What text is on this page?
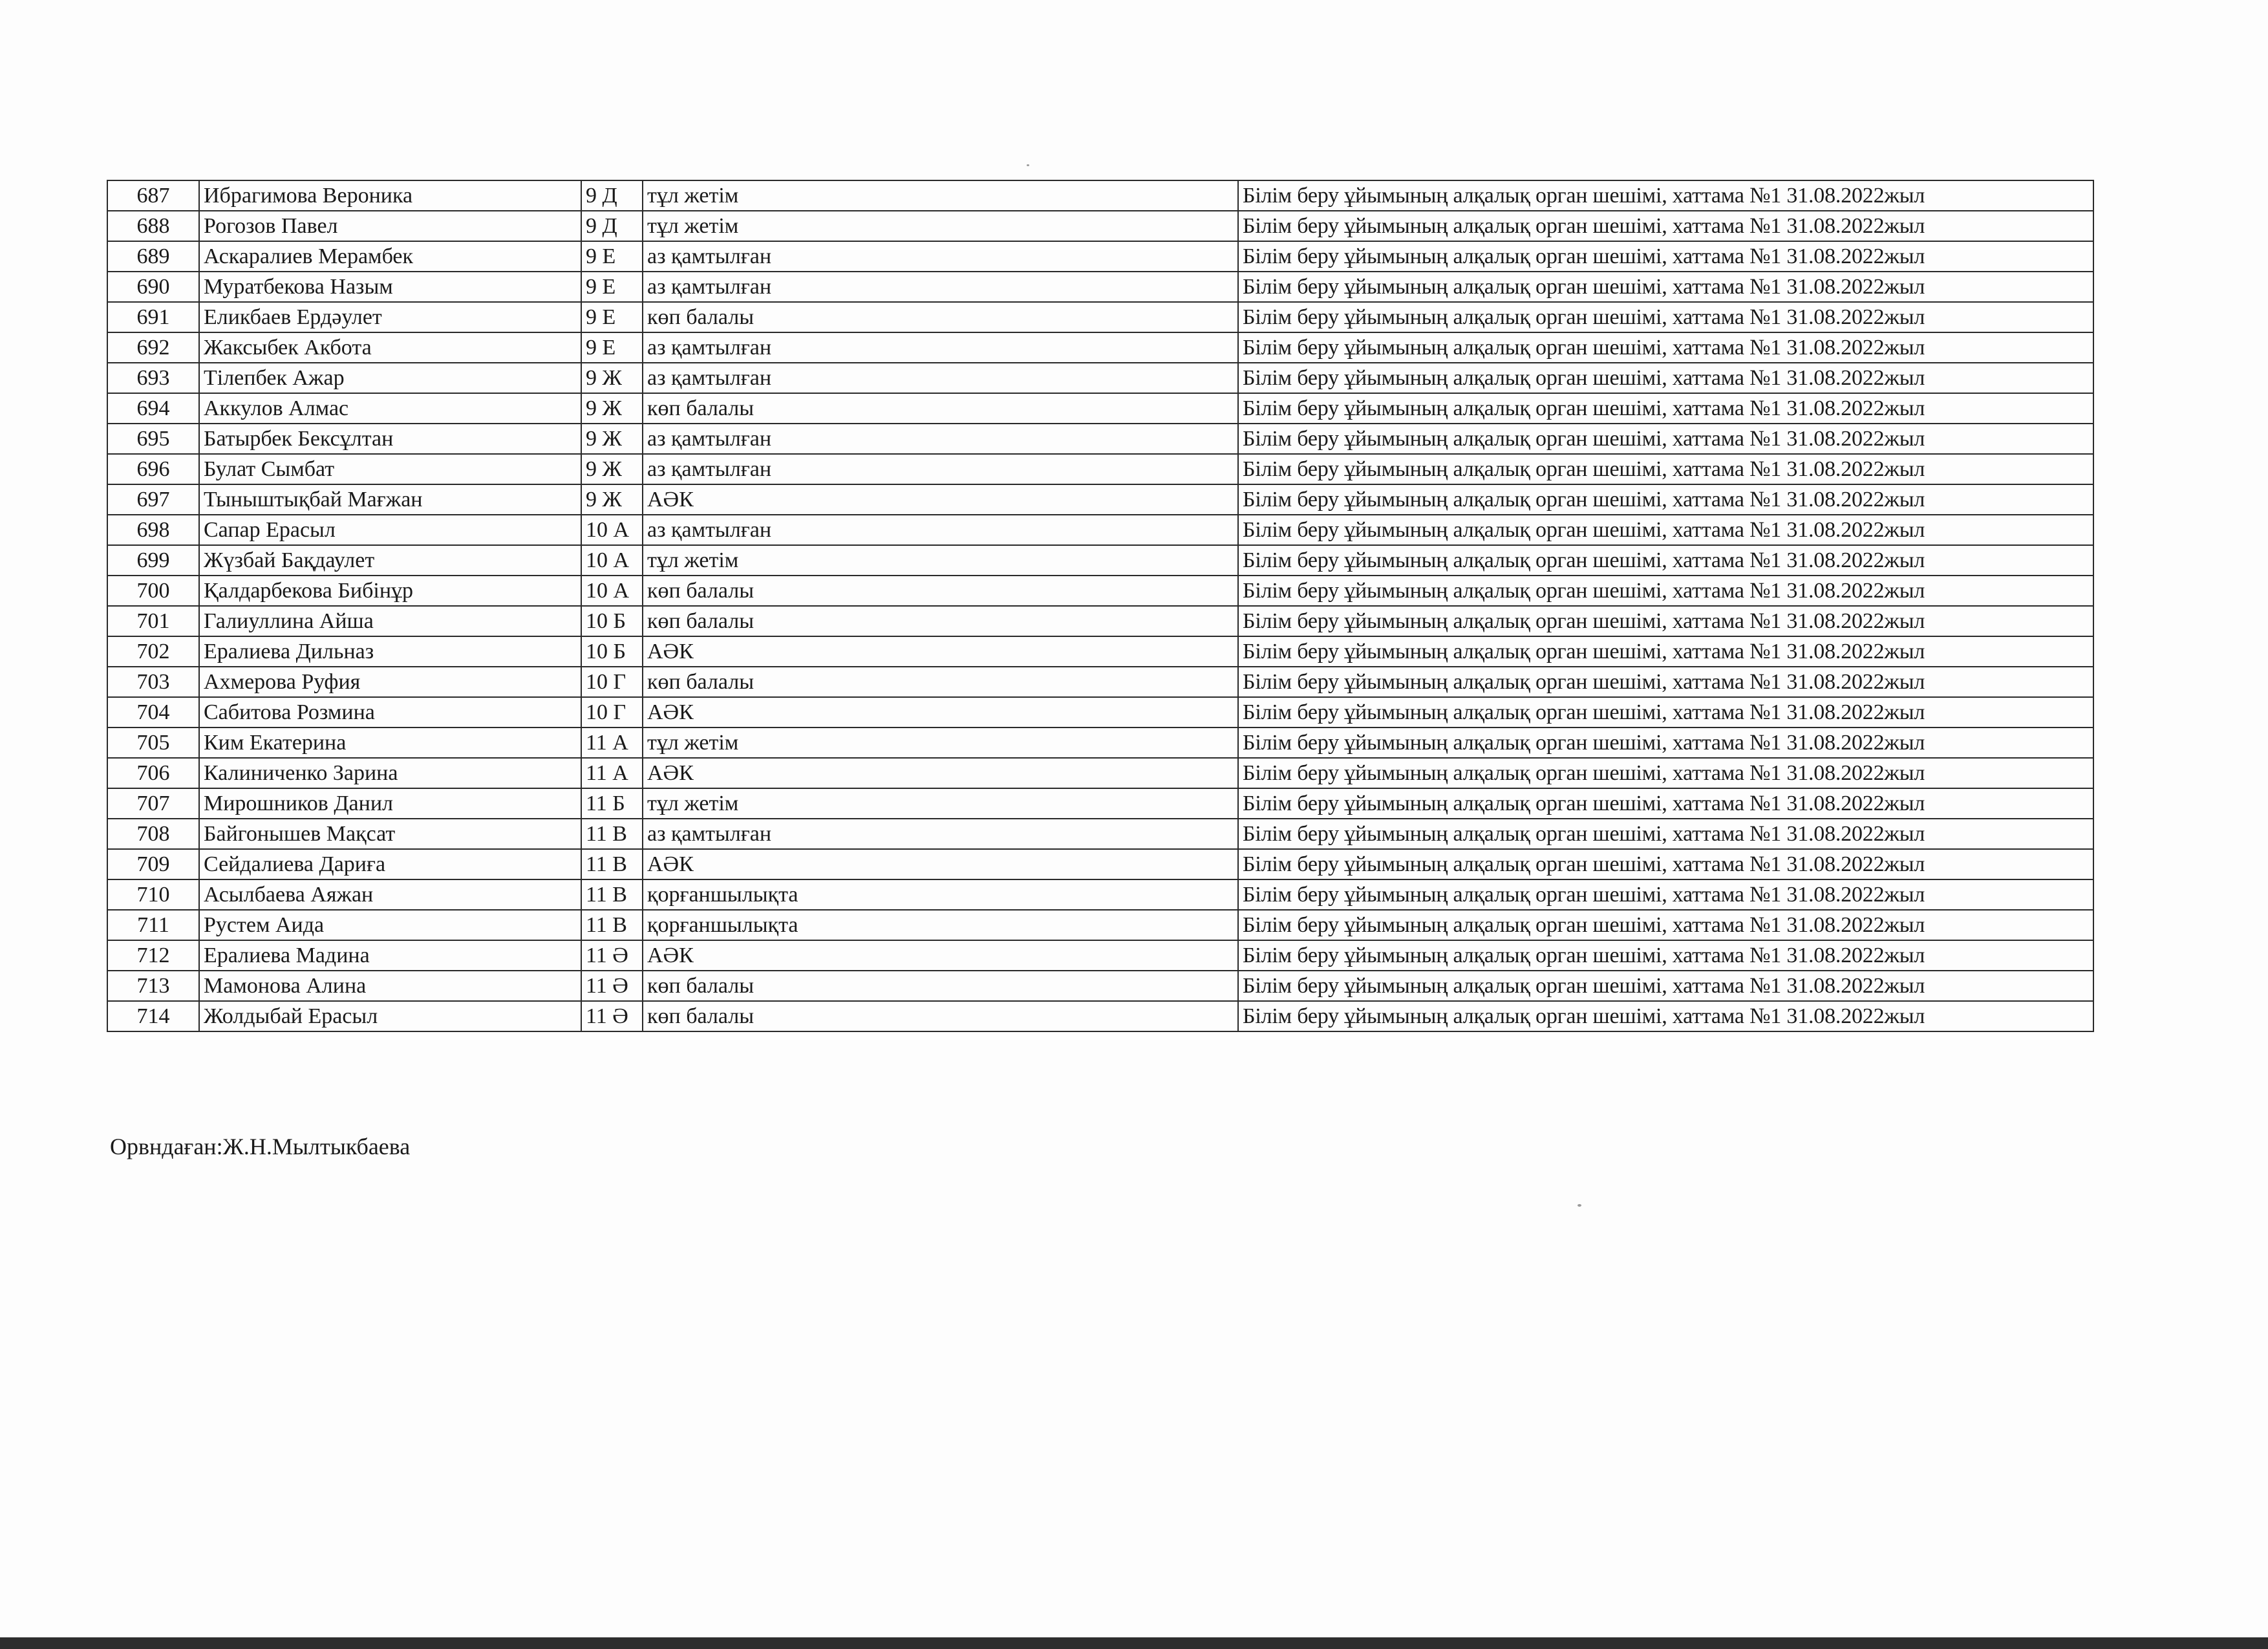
687	Ибрагимова Вероника	9 Д	тұл жетім	Білім беру ұйымының алқалық орган шешімі, хаттама №1 31.08.2022жыл
688	Рогозов Павел	9 Д	тұл жетім	Білім беру ұйымының алқалық орган шешімі, хаттама №1 31.08.2022жыл
689	Аскаралиев Мерамбек	9 Е	аз қамтылған	Білім беру ұйымының алқалық орган шешімі, хаттама №1 31.08.2022жыл
690	Муратбекова Назым	9 Е	аз қамтылған	Білім беру ұйымының алқалық орган шешімі, хаттама №1 31.08.2022жыл
691	Еликбаев Ердәулет	9 Е	көп балалы	Білім беру ұйымының алқалық орган шешімі, хаттама №1 31.08.2022жыл
692	Жаксыбек Акбота	9 Е	аз қамтылған	Білім беру ұйымының алқалық орган шешімі, хаттама №1 31.08.2022жыл
693	Тілепбек Ажар	9 Ж	аз қамтылған	Білім беру ұйымының алқалық орган шешімі, хаттама №1 31.08.2022жыл
694	Аккулов Алмас	9 Ж	көп балалы	Білім беру ұйымының алқалық орган шешімі, хаттама №1 31.08.2022жыл
695	Батырбек Бексұлтан	9 Ж	аз қамтылған	Білім беру ұйымының алқалық орган шешімі, хаттама №1 31.08.2022жыл
696	Булат Сымбат	9 Ж	аз қамтылған	Білім беру ұйымының алқалық орган шешімі, хаттама №1 31.08.2022жыл
697	Тыныштықбай Мағжан	9 Ж	АӘК	Білім беру ұйымының алқалық орган шешімі, хаттама №1 31.08.2022жыл
698	Сапар Ерасыл	10 А	аз қамтылған	Білім беру ұйымының алқалық орган шешімі, хаттама №1 31.08.2022жыл
699	Жүзбай Бақдаулет	10 А	тұл жетім	Білім беру ұйымының алқалық орган шешімі, хаттама №1 31.08.2022жыл
700	Қалдарбекова Бибінұр	10 А	көп балалы	Білім беру ұйымының алқалық орган шешімі, хаттама №1 31.08.2022жыл
701	Галиуллина Айша	10 Б	көп балалы	Білім беру ұйымының алқалық орган шешімі, хаттама №1 31.08.2022жыл
702	Ералиева Дильназ	10 Б	АӘК	Білім беру ұйымының алқалық орган шешімі, хаттама №1 31.08.2022жыл
703	Ахмерова Руфия	10 Г	көп балалы	Білім беру ұйымының алқалық орган шешімі, хаттама №1 31.08.2022жыл
704	Сабитова Розмина	10 Г	АӘК	Білім беру ұйымының алқалық орган шешімі, хаттама №1 31.08.2022жыл
705	Ким Екатерина	11 А	тұл жетім	Білім беру ұйымының алқалық орган шешімі, хаттама №1 31.08.2022жыл
706	Калиниченко Зарина	11 А	АӘК	Білім беру ұйымының алқалық орган шешімі, хаттама №1 31.08.2022жыл
707	Мирошников Данил	11 Б	тұл жетім	Білім беру ұйымының алқалық орган шешімі, хаттама №1 31.08.2022жыл
708	Байгонышев Мақсат	11 В	аз қамтылған	Білім беру ұйымының алқалық орган шешімі, хаттама №1 31.08.2022жыл
709	Сейдалиева Дариға	11 В	АӘК	Білім беру ұйымының алқалық орган шешімі, хаттама №1 31.08.2022жыл
710	Асылбаева Аяжан	11 В	қорғаншылықта	Білім беру ұйымының алқалық орган шешімі, хаттама №1 31.08.2022жыл
711	Рустем Аида	11 В	қорғаншылықта	Білім беру ұйымының алқалық орган шешімі, хаттама №1 31.08.2022жыл
712	Ералиева Мадина	11 Ә	АӘК	Білім беру ұйымының алқалық орган шешімі, хаттама №1 31.08.2022жыл
713	Мамонова Алина	11 Ә	көп балалы	Білім беру ұйымының алқалық орган шешімі, хаттама №1 31.08.2022жыл
714	Жолдыбай Ерасыл	11 Ә	көп балалы	Білім беру ұйымының алқалық орган шешімі, хаттама №1 31.08.2022жыл
Орвндаған:Ж.Н.Мылтыкбаева
